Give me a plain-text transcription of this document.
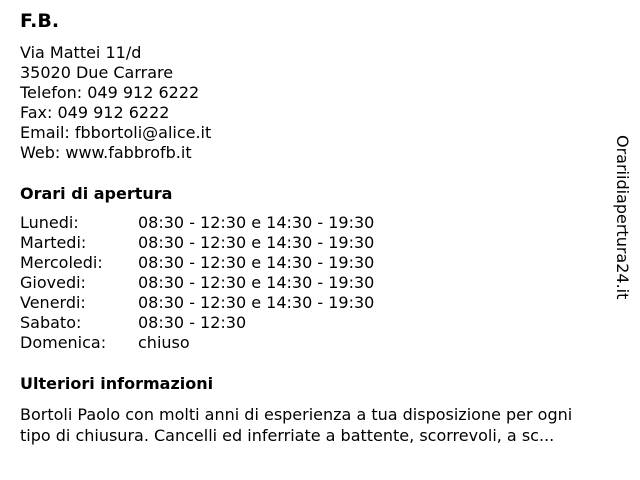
F.B.
Via Mattei 11/d
35020 Due Carrare
Telefon: 049 912 6222
Fax: 049 912 6222
Email: fbbortoli@alice.it
Web: www.fabbrofb.it
Orari di apertura
Lunedi:	08:30 - 12:30 e 14:30 - 19:30
Martedi:	08:30 - 12:30 e 14:30 - 19:30
Mercoledi:	08:30 - 12:30 e 14:30 - 19:30
Giovedi:	08:30 - 12:30 e 14:30 - 19:30
Venerdi:	08:30 - 12:30 e 14:30 - 19:30
Sabato:	08:30 - 12:30
Domenica:	chiuso
Ulteriori informazioni
Bortoli Paolo con molti anni di esperienza a tua disposizione per ogni
tipo di chiusura. Cancelli ed inferriate a battente, scorrevoli, a sc...
Orariidiapertura24.it
